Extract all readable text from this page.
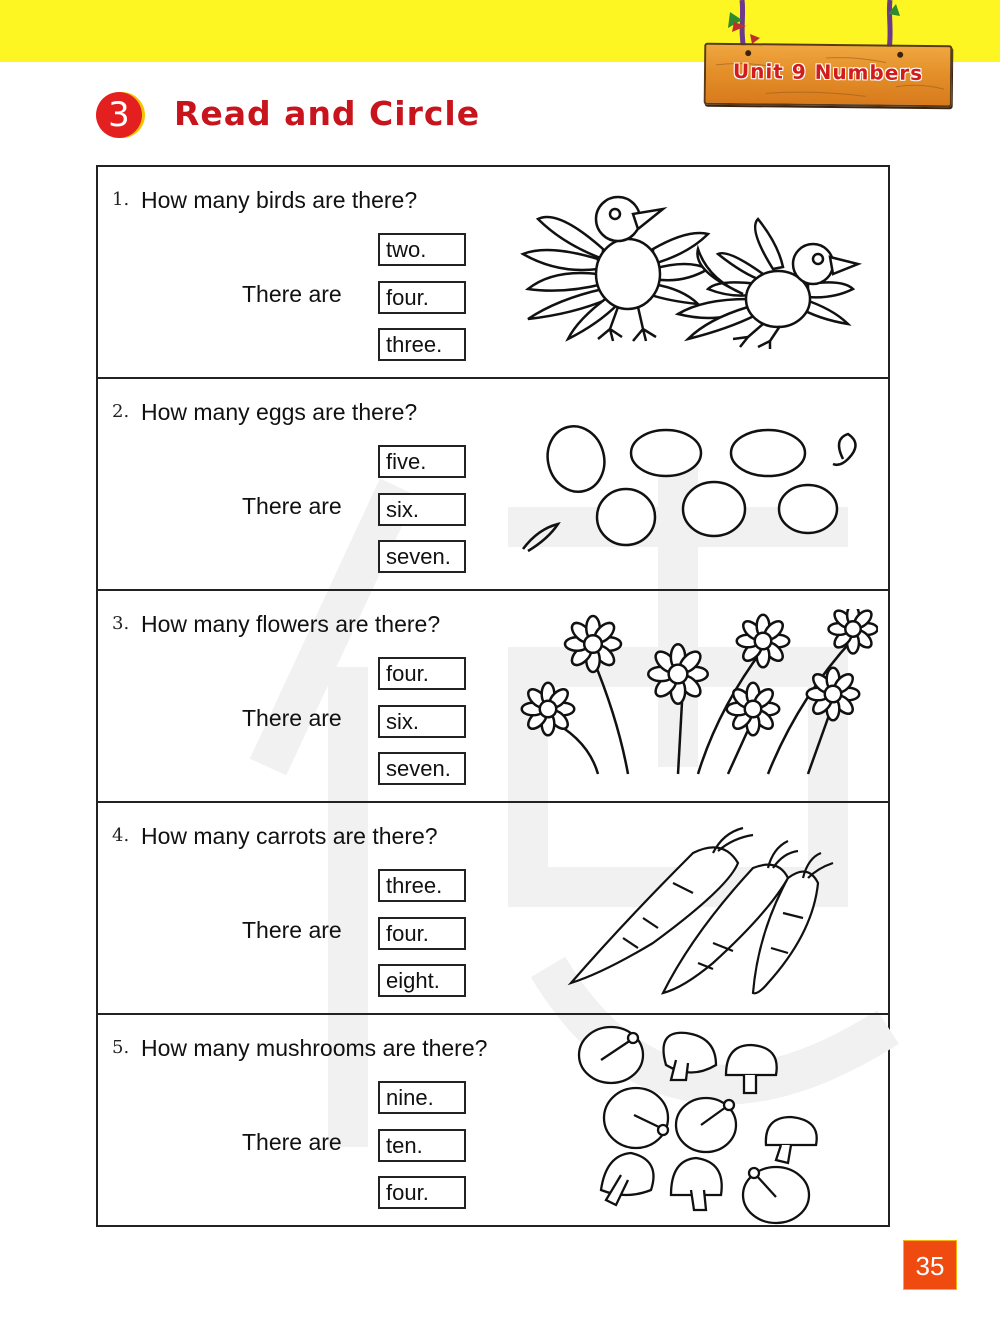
Unit 9 Numbers
3	Read and Circle
1. How many birds are there?
There are
two.
four.
three.
2. How many eggs are there?
There are
five.
six.
seven.
3. How many flowers are there?
There are
four.
six.
seven.
4. How many carrots are there?
There are
three.
four.
eight.
5. How many mushrooms are there?
There are
nine.
ten.
four.
35
